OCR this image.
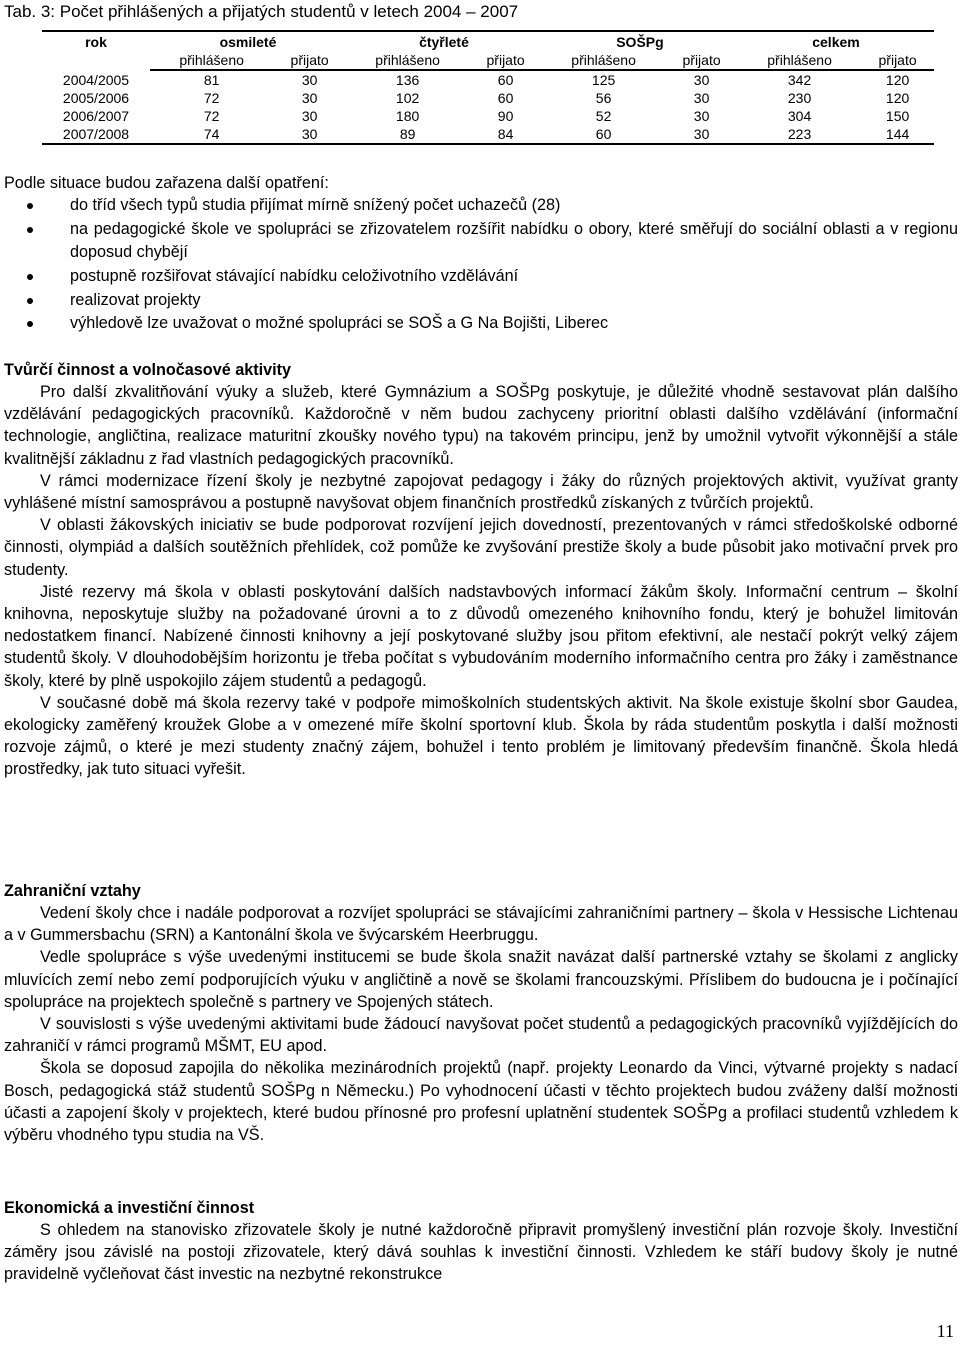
Tab. 3: Počet přihlášených a přijatých studentů v letech 2004 – 2007
rok	osmileté		čtyřleté		SOŠPg		celkem	
	přihlášeno	přijato	přihlášeno	přijato	přihlášeno	přijato	přihlášeno	přijato
2004/2005	81	30	136	60	125	30	342	120
2005/2006	72	30	102	60	56	30	230	120
2006/2007	72	30	180	90	52	30	304	150
2007/2008	74	30	89	84	60	30	223	144

Podle situace budou zařazena další opatření:

do tříd všech typů studia přijímat mírně snížený počet uchazečů (28)
na pedagogické škole ve spolupráci se zřizovatelem rozšířit nabídku o obory, které směřují do sociální oblasti a v regionu doposud chybějí
postupně rozšiřovat stávající nabídku celoživotního vzdělávání
realizovat projekty
výhledově lze uvažovat o možné spolupráci se SOŠ a G Na Bojišti, Liberec

Tvůrčí činnost a volnočasové aktivity

Pro další zkvalitňování výuky a služeb, které Gymnázium a SOŠPg poskytuje, je důležité vhodně sestavovat plán dalšího vzdělávání pedagogických pracovníků. Každoročně v něm budou zachyceny prioritní oblasti dalšího vzdělávání (informační technologie, angličtina, realizace maturitní zkoušky nového typu) na takovém principu, jenž by umožnil vytvořit výkonnější a stále kvalitnější základnu z řad vlastních pedagogických pracovníků.

V rámci modernizace řízení školy je nezbytné zapojovat pedagogy i žáky do různých projektových aktivit, využívat granty vyhlášené místní samosprávou a postupně navyšovat objem finančních prostředků získaných z tvůrčích projektů.

V oblasti žákovských iniciativ se bude podporovat rozvíjení jejich dovedností, prezentovaných v rámci středoškolské odborné činnosti, olympiád a dalších soutěžních přehlídek, což pomůže ke zvyšování prestiže školy a bude působit jako motivační prvek pro studenty.

Jisté rezervy má škola v oblasti poskytování dalších nadstavbových informací žákům školy. Informační centrum – školní knihovna, neposkytuje služby na požadované úrovni a to z důvodů omezeného knihovního fondu, který je bohužel limitován nedostatkem financí. Nabízené činnosti knihovny a její poskytované služby jsou přitom efektivní, ale nestačí pokrýt velký zájem studentů školy. V dlouhodobějším horizontu je třeba počítat s vybudováním moderního informačního centra pro žáky i zaměstnance školy, které by plně uspokojilo zájem studentů a pedagogů.

V současné době má škola rezervy také v podpoře mimoškolních studentských aktivit. Na škole existuje školní sbor Gaudea, ekologicky zaměřený kroužek Globe a v omezené míře školní sportovní klub. Škola by ráda studentům poskytla i další možnosti rozvoje zájmů, o které je mezi studenty značný zájem, bohužel i tento problém je limitovaný především finančně. Škola hledá prostředky, jak tuto situaci vyřešit.

Zahraniční vztahy

Vedení školy chce i nadále podporovat a rozvíjet spolupráci se stávajícími zahraničními partnery – škola v Hessische Lichtenau a v Gummersbachu (SRN) a Kantonální škola ve švýcarském Heerbruggu.

Vedle spolupráce s výše uvedenými institucemi se bude škola snažit navázat další partnerské vztahy se školami z anglicky mluvících zemí nebo zemí podporujících výuku v angličtině a nově se školami francouzskými. Příslibem do budoucna je i počínající spolupráce na projektech společně s partnery ve Spojených státech.

V souvislosti s výše uvedenými aktivitami bude žádoucí navyšovat počet studentů a pedagogických pracovníků vyjíždějících do zahraničí v rámci programů MŠMT, EU apod.

Škola se doposud zapojila do několika mezinárodních projektů (např. projekty Leonardo da Vinci, výtvarné projekty s nadací Bosch, pedagogická stáž studentů SOŠPg n Německu.) Po vyhodnocení účasti v těchto projektech budou zváženy další možnosti účasti a zapojení školy v projektech, které budou přínosné pro profesní uplatnění studentek SOŠPg a profilaci studentů vzhledem k výběru vhodného typu studia na VŠ.

Ekonomická a investiční činnost

S ohledem na stanovisko zřizovatele školy je nutné každoročně připravit promyšlený investiční plán rozvoje školy. Investiční záměry jsou závislé na postoji zřizovatele, který dává souhlas k investiční činnosti. Vzhledem ke stáří budovy školy je nutné pravidelně vyčleňovat část investic na nezbytné rekonstrukce

11
